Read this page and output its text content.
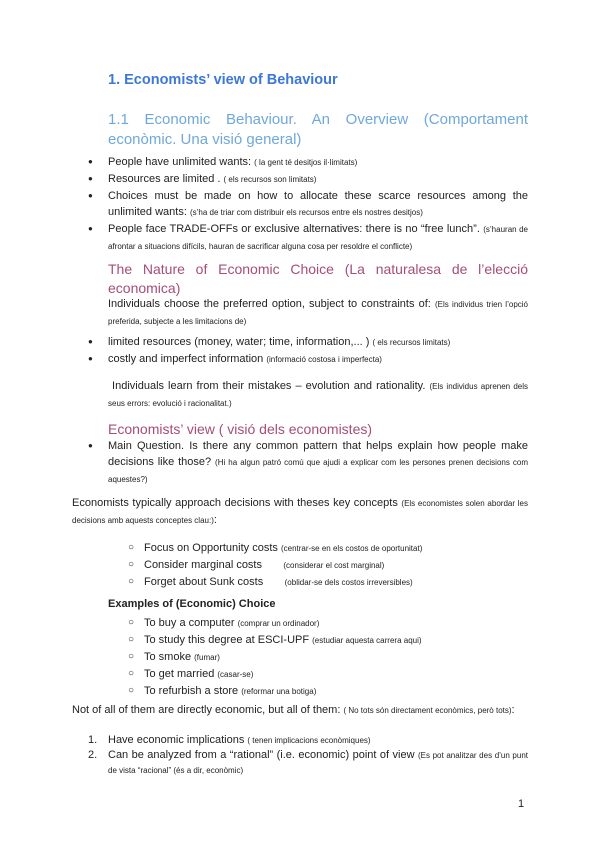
1. Economists’ view of Behaviour
1.1 Economic Behaviour. An Overview (Comportament econòmic. Una visió general)
● People have unlimited wants: ( la gent té desitjos il·limitats)
● Resources are limited . ( els recursos son limitats)
● Choices must be made on how to allocate these scarce resources among the unlimited wants: (s’ha de triar com distribuir els recursos entre els nostres desitjos)
● People face TRADE-OFFs or exclusive alternatives: there is no “free lunch”. (s’hauran de afrontar a situacions difícils, hauran de sacrificar alguna cosa per resoldre el conflicte)
The Nature of Economic Choice (La naturalesa de l’elecció economica)
Individuals choose the preferred option, subject to constraints of: (Els individus trien l’opció preferida, subjecte a les limitacions de)
● limited resources (money, water; time, information,... ) ( els recursos limitats)
● costly and imperfect information (informació costosa i imperfecta)
Individuals learn from their mistakes – evolution and rationality. (Els individus aprenen dels seus errors: evolució i racionalitat.)
Economists’ view ( visió dels economistes)
● Main Question. Is there any common pattern that helps explain how people make decisions like those? (Hi ha algun patró comú que ajudi a explicar com les persones prenen decisions com aquestes?)
Economists typically approach decisions with theses key concepts (Els economistes solen abordar les decisions amb aquests conceptes clau:):
○ Focus on Opportunity costs (centrar-se en els costos de oportunitat)
○ Consider marginal costs       (considerar el cost marginal)
○ Forget about Sunk costs       (oblidar-se dels costos irreversibles)
Examples of (Economic) Choice
○ To buy a computer (comprar un ordinador)
○ To study this degree at ESCI-UPF (estudiar aquesta carrera aqui)
○ To smoke (fumar)
○ To get married (casar-se)
○ To refurbish a store (reformar una botiga)
Not of all of them are directly economic, but all of them: ( No tots són directament econòmics, però tots):
1. Have economic implications ( tenen implicacions econòmiques)
2. Can be analyzed from a “rational” (i.e. economic) point of view (Es pot analitzar des d’un punt de vista “racional” (és a dir, econòmic)
1
